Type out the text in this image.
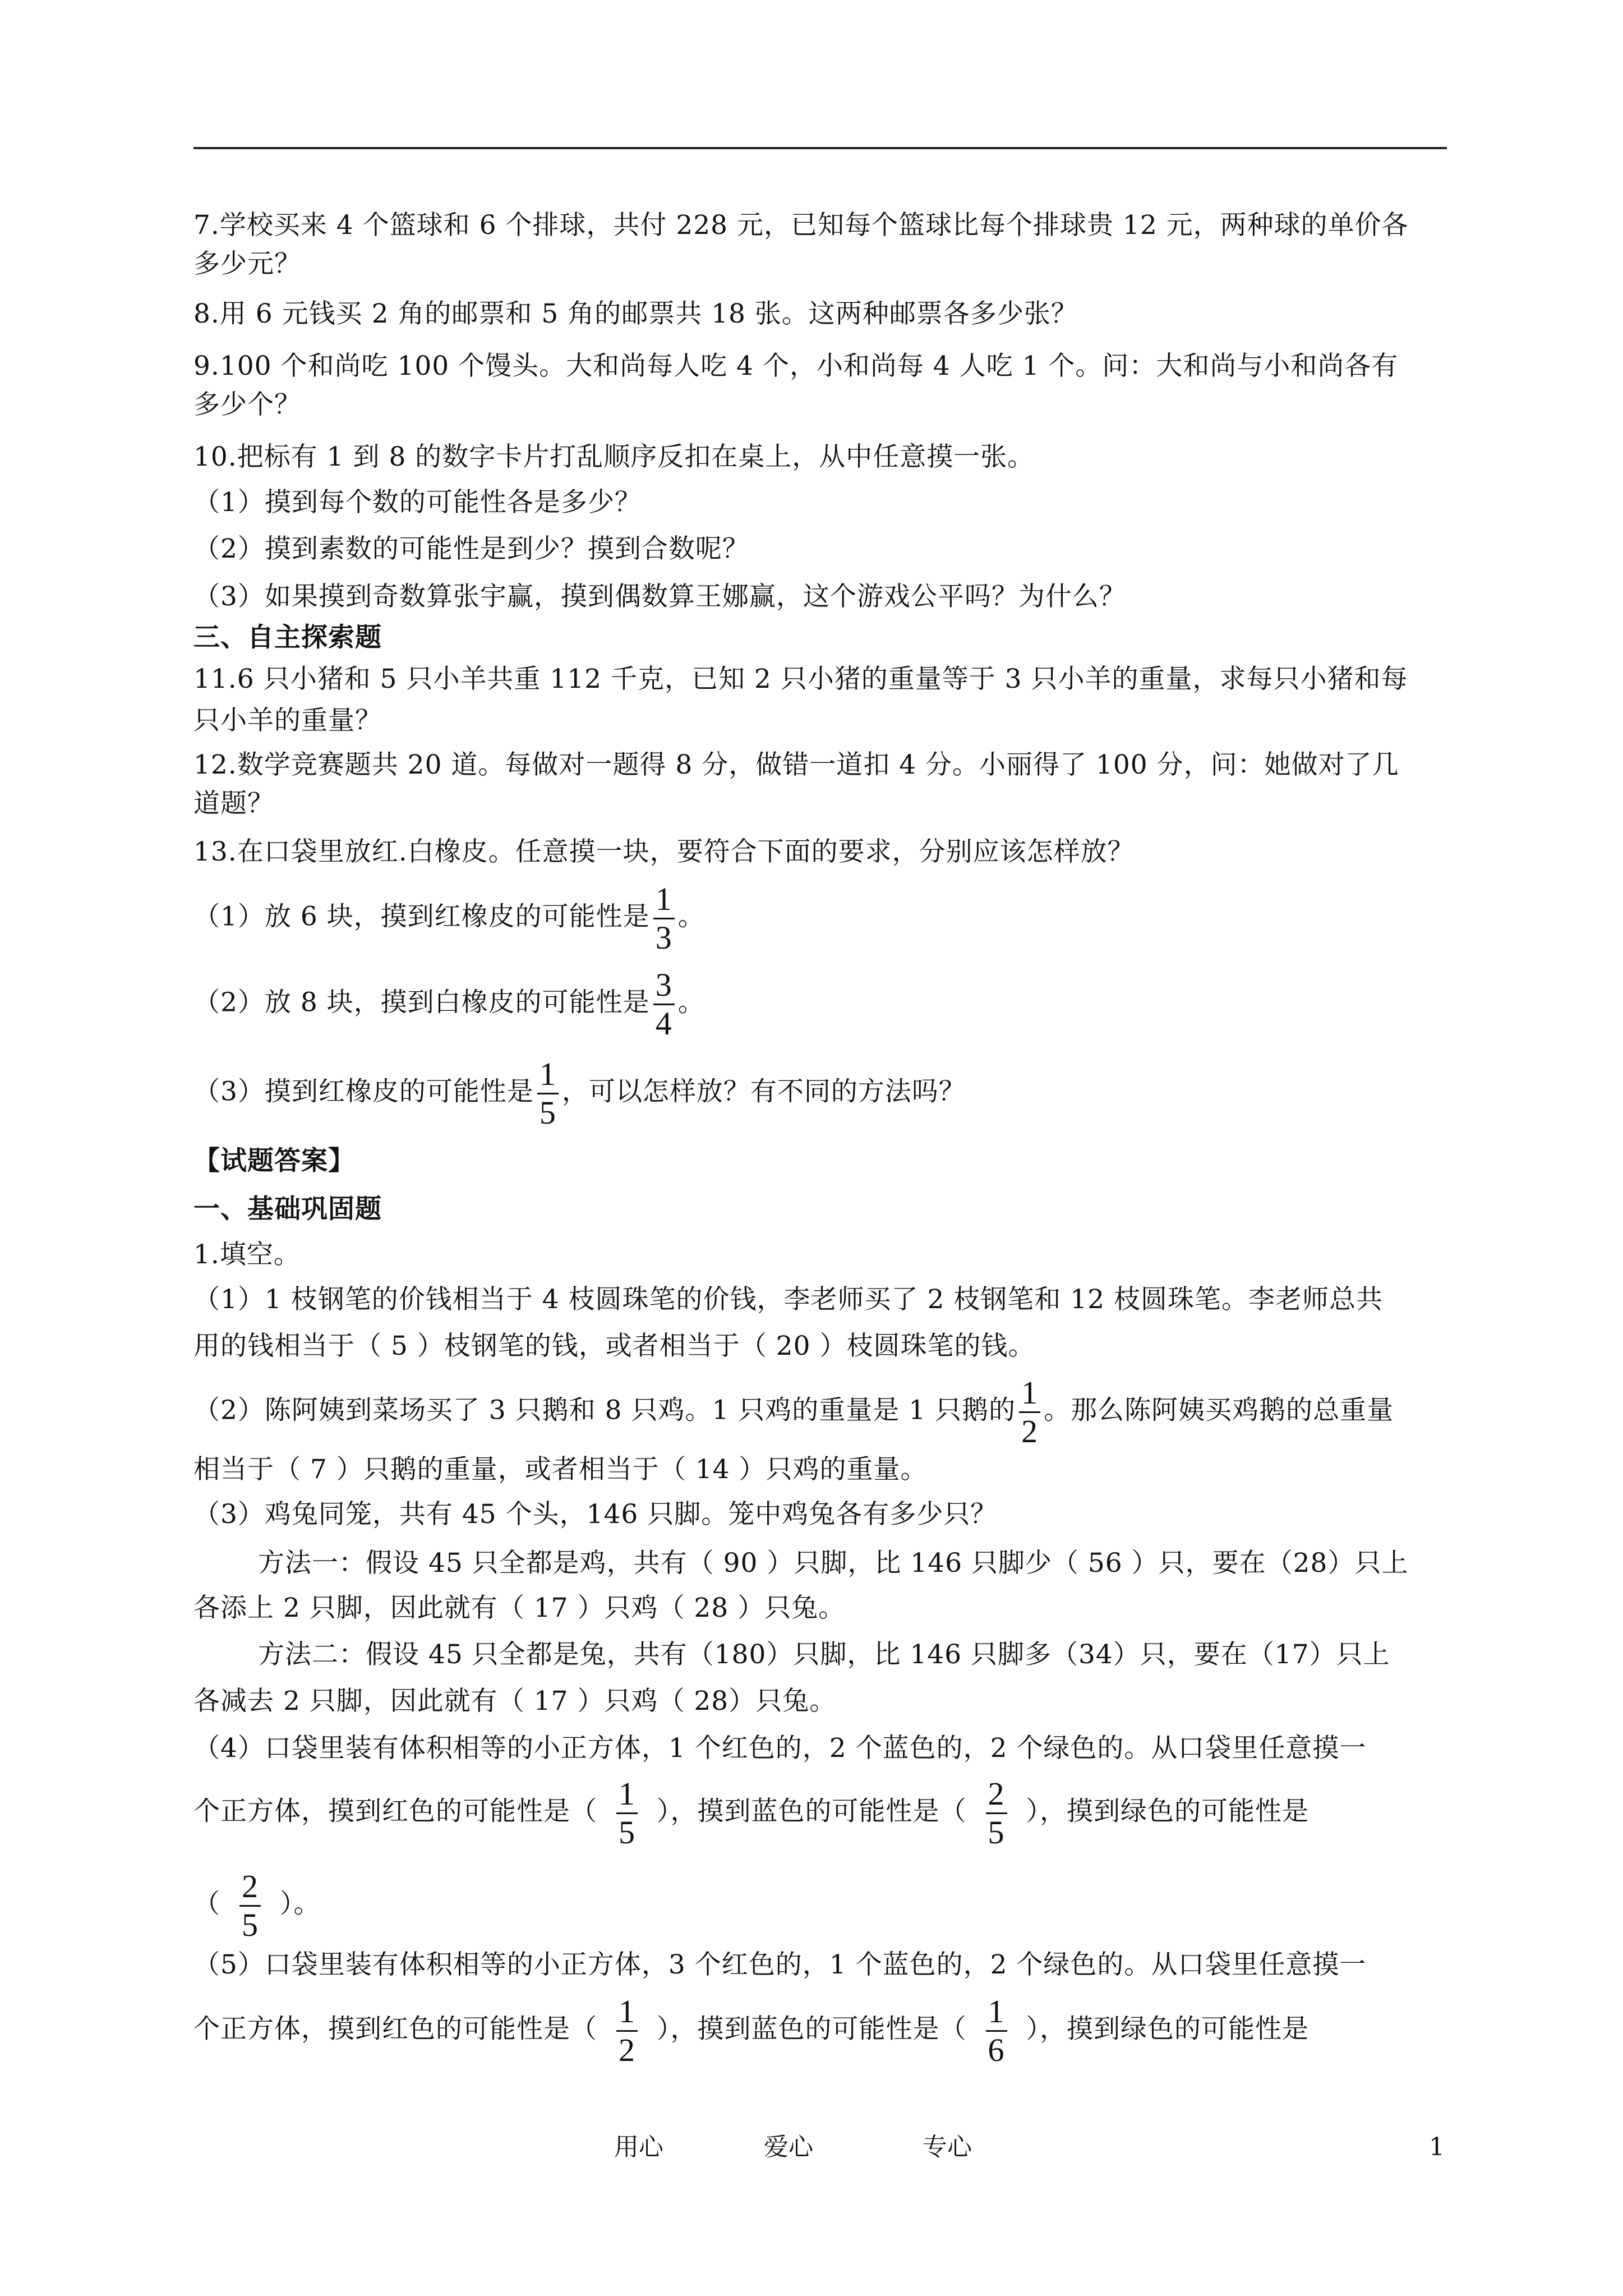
7.学校买来 4 个篮球和 6 个排球，共付 228 元，已知每个篮球比每个排球贵 12 元，两种球的单价各
多少元？
8.用 6 元钱买 2 角的邮票和 5 角的邮票共 18 张。这两种邮票各多少张？
9.100 个和尚吃 100 个馒头。大和尚每人吃 4 个，小和尚每 4 人吃 1 个。问：大和尚与小和尚各有
多少个？
10.把标有 1 到 8 的数字卡片打乱顺序反扣在桌上，从中任意摸一张。
（1）摸到每个数的可能性各是多少？
（2）摸到素数的可能性是到少？摸到合数呢？
（3）如果摸到奇数算张宇赢，摸到偶数算王娜赢，这个游戏公平吗？为什么？
三、自主探索题
11.6 只小猪和 5 只小羊共重 112 千克，已知 2 只小猪的重量等于 3 只小羊的重量，求每只小猪和每
只小羊的重量？
12.数学竞赛题共 20 道。每做对一题得 8 分，做错一道扣 4 分。小丽得了 100 分，问：她做对了几
道题？
13.在口袋里放红.白橡皮。任意摸一块，要符合下面的要求，分别应该怎样放？
（1）放 6 块，摸到红橡皮的可能性是 $\frac{1}{3}$ 。
（2）放 8 块，摸到白橡皮的可能性是 $\frac{3}{4}$ 。
（3）摸到红橡皮的可能性是 $\frac{1}{5}$ ，可以怎样放？有不同的方法吗？
【试题答案】
一、基础巩固题
1.填空。
（1）1 枝钢笔的价钱相当于 4 枝圆珠笔的价钱，李老师买了 2 枝钢笔和 12 枝圆珠笔。李老师总共
用的钱相当于（ 5 ）枝钢笔的钱，或者相当于（ 20 ）枝圆珠笔的钱。
（2）陈阿姨到菜场买了 3 只鹅和 8 只鸡。1 只鸡的重量是 1 只鹅的 $\frac{1}{2}$ 。那么陈阿姨买鸡鹅的总重量
相当于（ 7 ）只鹅的重量，或者相当于（ 14 ）只鸡的重量。
（3）鸡兔同笼，共有 45 个头，146 只脚。笼中鸡兔各有多少只？
方法一：假设 45 只全都是鸡，共有（ 90 ）只脚，比 146 只脚少（ 56 ）只，要在（28）只上
各添上 2 只脚，因此就有（ 17 ）只鸡（ 28 ）只兔。
方法二：假设 45 只全都是兔，共有（180）只脚，比 146 只脚多（34）只，要在（17）只上
各减去 2 只脚，因此就有（ 17 ）只鸡（ 28）只兔。
（4）口袋里装有体积相等的小正方体，1 个红色的，2 个蓝色的，2 个绿色的。从口袋里任意摸一
个正方体，摸到红色的可能性是（ $\frac{1}{5}$ ），摸到蓝色的可能性是（ $\frac{2}{5}$ ），摸到绿色的可能性是
（ $\frac{2}{5}$ ）。
（5）口袋里装有体积相等的小正方体，3 个红色的，1 个蓝色的，2 个绿色的。从口袋里任意摸一
个正方体，摸到红色的可能性是（ $\frac{1}{2}$ ），摸到蓝色的可能性是（ $\frac{1}{6}$ ），摸到绿色的可能性是
用心	爱心	专心	1
